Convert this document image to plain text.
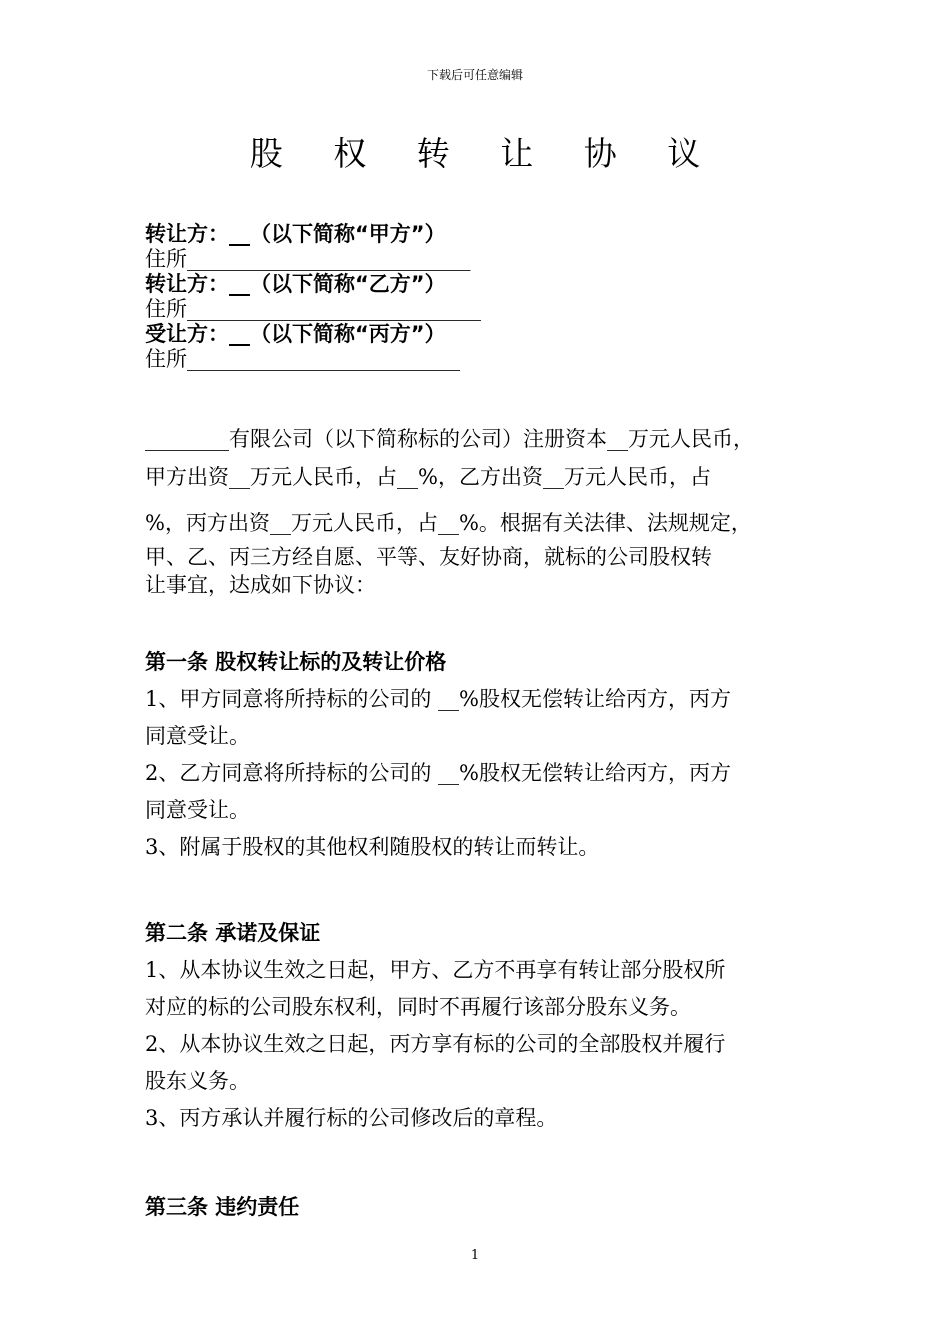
下载后可任意编辑
股 权 转 让 协 议

转让方：__（以下简称“甲方”）

住所___________________________

转让方：__（以下简称“乙方”）

住所____________________________

受让方：__（以下简称“丙方”）

住所__________________________

________有限公司（以下简称标的公司）注册资本__万元人民币，

甲方出资__万元人民币，占__%，乙方出资__万元人民币，占

%，丙方出资__万元人民币，占__%。根据有关法律、法规规定，

甲、乙、丙三方经自愿、平等、友好协商，就标的公司股权转

让事宜，达成如下协议：

第一条 股权转让标的及转让价格

1、甲方同意将所持标的公司的 __%股权无偿转让给丙方，丙方

同意受让。

2、乙方同意将所持标的公司的 __%股权无偿转让给丙方，丙方

同意受让。

3、附属于股权的其他权利随股权的转让而转让。

第二条 承诺及保证

1、从本协议生效之日起，甲方、乙方不再享有转让部分股权所

对应的标的公司股东权利，同时不再履行该部分股东义务。

2、从本协议生效之日起，丙方享有标的公司的全部股权并履行

股东义务。

3、丙方承认并履行标的公司修改后的章程。

第三条 违约责任

1
